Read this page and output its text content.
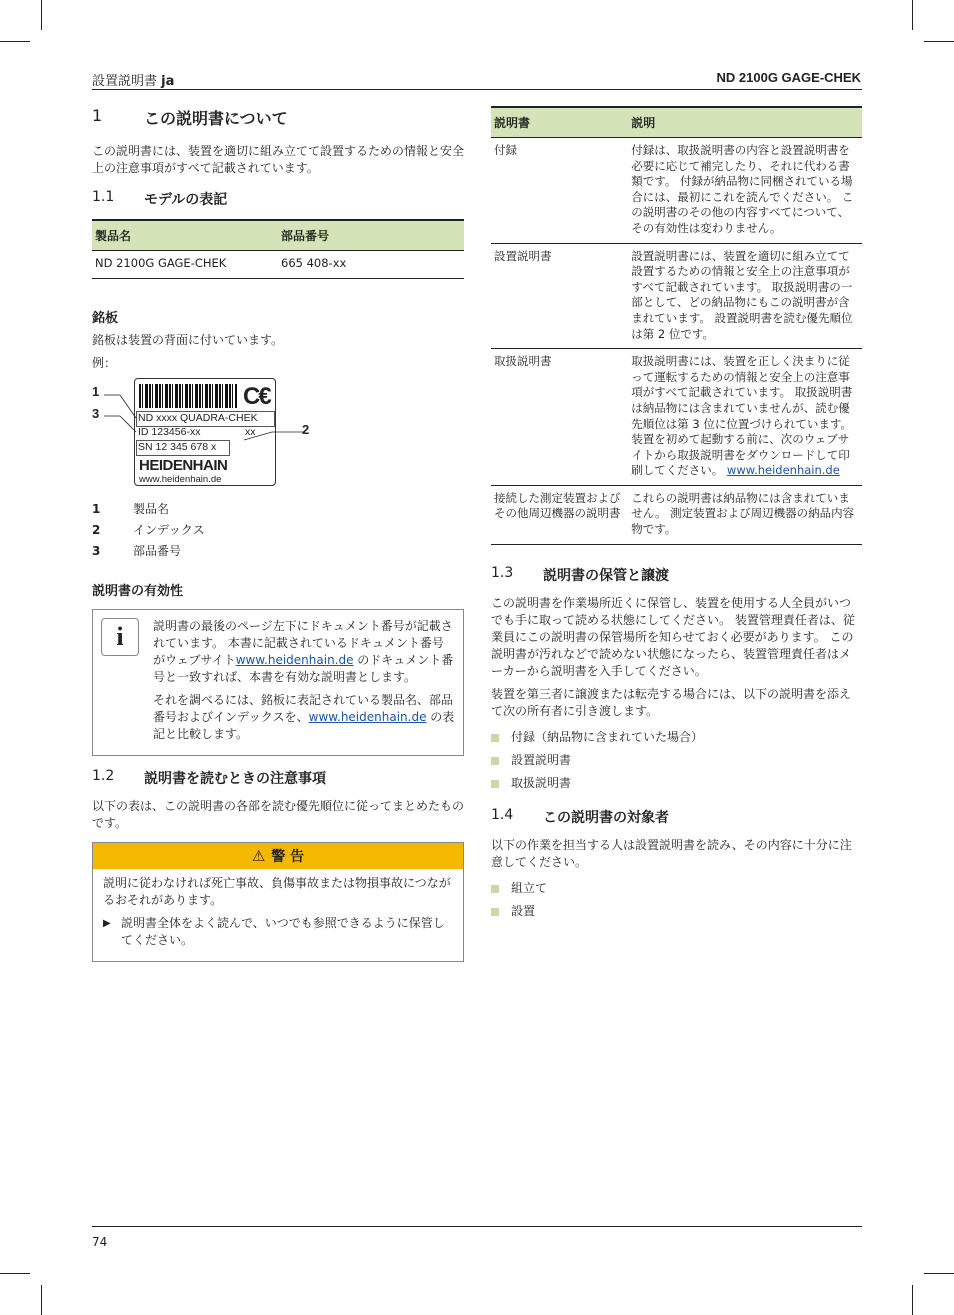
設置説明書 ja	ND 2100G GAGE-CHEK
1	この説明書について

この説明書には、装置を適切に組み立てて設置するための情報と安全上の注意事項がすべて記載されています。

1.1	モデルの表記
製品名	部品番号
ND 2100G GAGE-CHEK	665 408-xx
銘板

銘板は装置の背面に付いています。

例：

C€
ND xxxx QUADRA-CHEK
ID 123456-xx	xx
SN 12 345 678 x
HEIDENHAIN
www.heidenhain.de
1
3
2
1	製品名
2	インデックス
3	部品番号
説明書の有効性
i	説明書の最後のページ左下にドキュメント番号が記載されています。 本書に記載されているドキュメント番号がウェブサイトwww.heidenhain.de のドキュメント番号と一致すれば、本書を有効な説明書とします。

それを調べるには、銘板に表記されている製品名、部品番号およびインデックスを、www.heidenhain.de の表記と比較します。

1.2	説明書を読むときの注意事項

以下の表は、この説明書の各部を読む優先順位に従ってまとめたものです。

⚠ 警 告

説明に従わなければ死亡事故、負傷事故または物損事故につながるおそれがあります。

▶ 説明書全体をよく読んで、いつでも参照できるように保管してください。

説明書	説明
付録	付録は、取扱説明書の内容と設置説明書を必要に応じて補完したり、それに代わる書類です。 付録が納品物に同梱されている場合には、最初にこれを読んでください。 この説明書のその他の内容すべてについて、その有効性は変わりません。
設置説明書	設置説明書には、装置を適切に組み立てて設置するための情報と安全上の注意事項がすべて記載されています。 取扱説明書の一部として、どの納品物にもこの説明書が含まれています。 設置説明書を読む優先順位は第 2 位です。
取扱説明書	取扱説明書には、装置を正しく決まりに従って運転するための情報と安全上の注意事項がすべて記載されています。 取扱説明書は納品物には含まれていませんが、読む優先順位は第 3 位に位置づけられています。 装置を初めて起動する前に、次のウェブサイトから取扱説明書をダウンロードして印刷してください。 www.heidenhain.de
接続した測定装置およびその他周辺機器の説明書	これらの説明書は納品物には含まれていません。 測定装置および周辺機器の納品内容物です。
1.3	説明書の保管と譲渡

この説明書を作業場所近くに保管し、装置を使用する人全員がいつでも手に取って読める状態にしてください。 装置管理責任者は、従業員にこの説明書の保管場所を知らせておく必要があります。 この説明書が汚れなどで読めない状態になったら、装置管理責任者はメーカーから説明書を入手してください。

装置を第三者に譲渡または転売する場合には、以下の説明書を添えて次の所有者に引き渡します。

付録（納品物に含まれていた場合）
設置説明書
取扱説明書
1.4	この説明書の対象者

以下の作業を担当する人は設置説明書を読み、その内容に十分に注意してください。

組立て
設置
74
